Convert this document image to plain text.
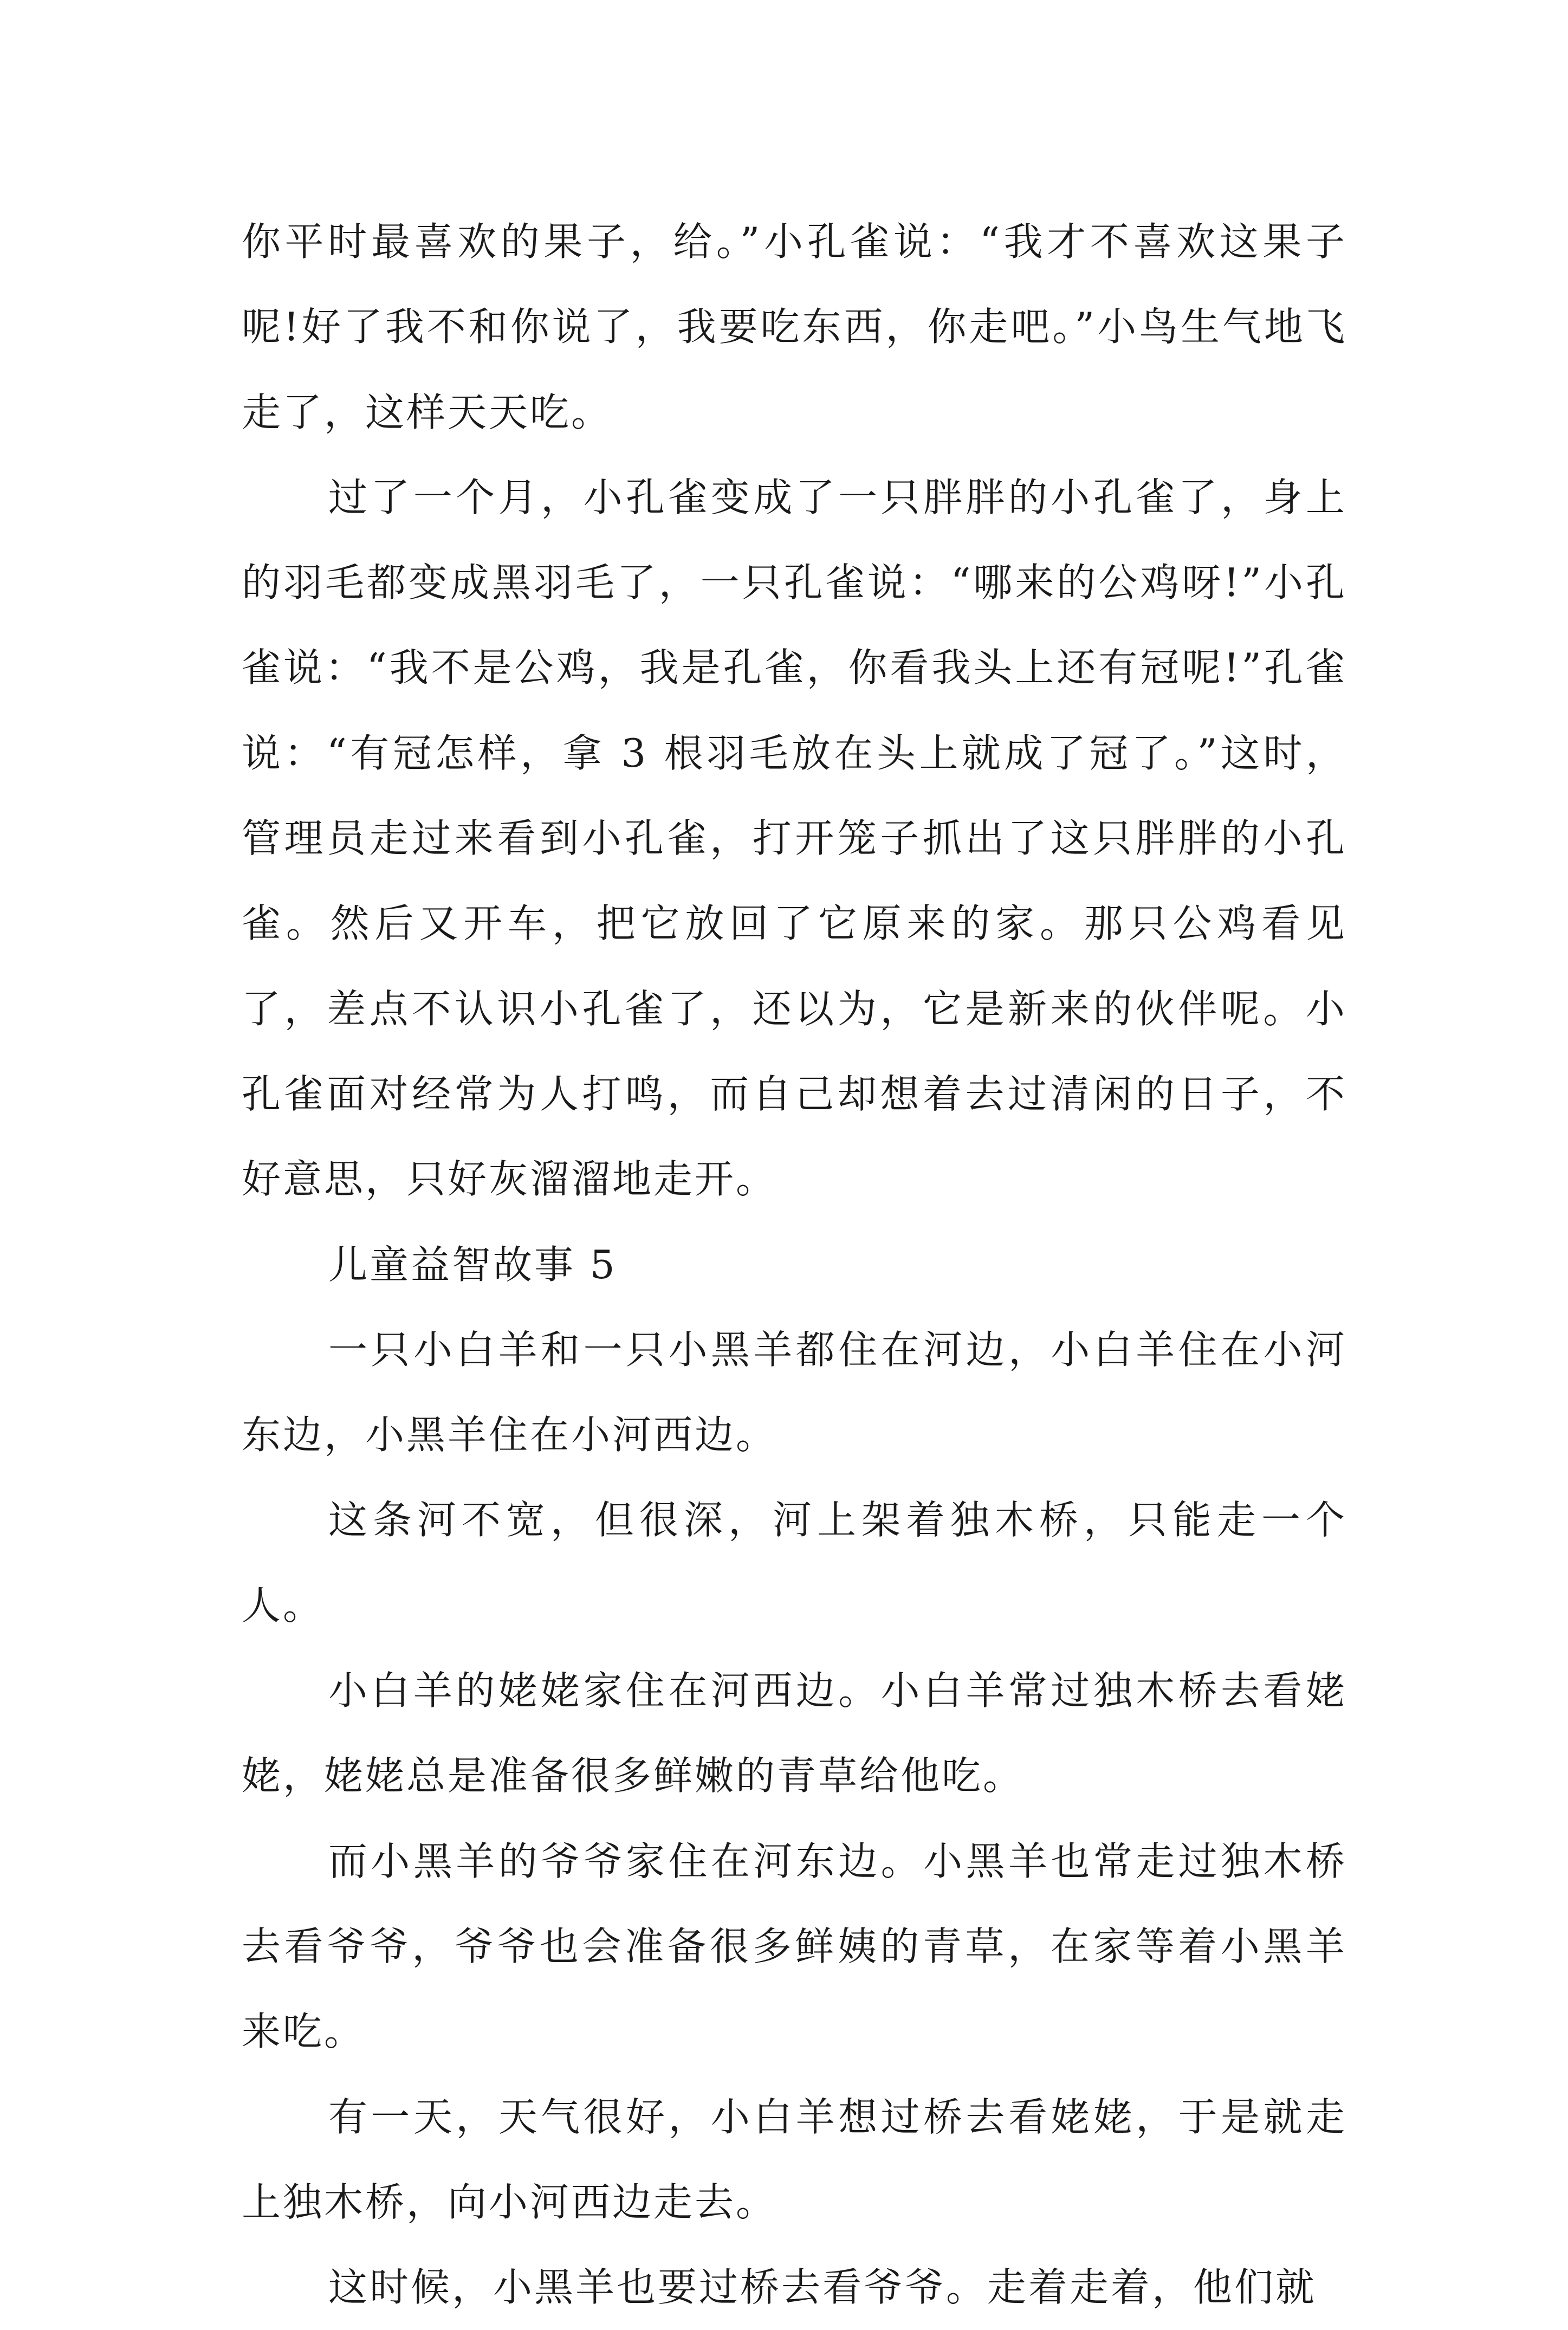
你平时最喜欢的果子，给。”小孔雀说：“我才不喜欢这果子呢!好了我不和你说了，我要吃东西，你走吧。”小鸟生气地飞走了，这样天天吃。

过了一个月，小孔雀变成了一只胖胖的小孔雀了，身上的羽毛都变成黑羽毛了，一只孔雀说：“哪来的公鸡呀!”小孔雀说：“我不是公鸡，我是孔雀，你看我头上还有冠呢!”孔雀说：“有冠怎样，拿 3 根羽毛放在头上就成了冠了。”这时，管理员走过来看到小孔雀，打开笼子抓出了这只胖胖的小孔雀。然后又开车，把它放回了它原来的家。那只公鸡看见了，差点不认识小孔雀了，还以为，它是新来的伙伴呢。小孔雀面对经常为人打鸣，而自己却想着去过清闲的日子，不好意思，只好灰溜溜地走开。

儿童益智故事 5

一只小白羊和一只小黑羊都住在河边，小白羊住在小河东边，小黑羊住在小河西边。

这条河不宽，但很深，河上架着独木桥，只能走一个人。

小白羊的姥姥家住在河西边。小白羊常过独木桥去看姥姥，姥姥总是准备很多鲜嫩的青草给他吃。

而小黑羊的爷爷家住在河东边。小黑羊也常走过独木桥去看爷爷，爷爷也会准备很多鲜姨的青草，在家等着小黑羊来吃。

有一天，天气很好，小白羊想过桥去看姥姥，于是就走上独木桥，向小河西边走去。

这时候，小黑羊也要过桥去看爷爷。走着走着，他们就
